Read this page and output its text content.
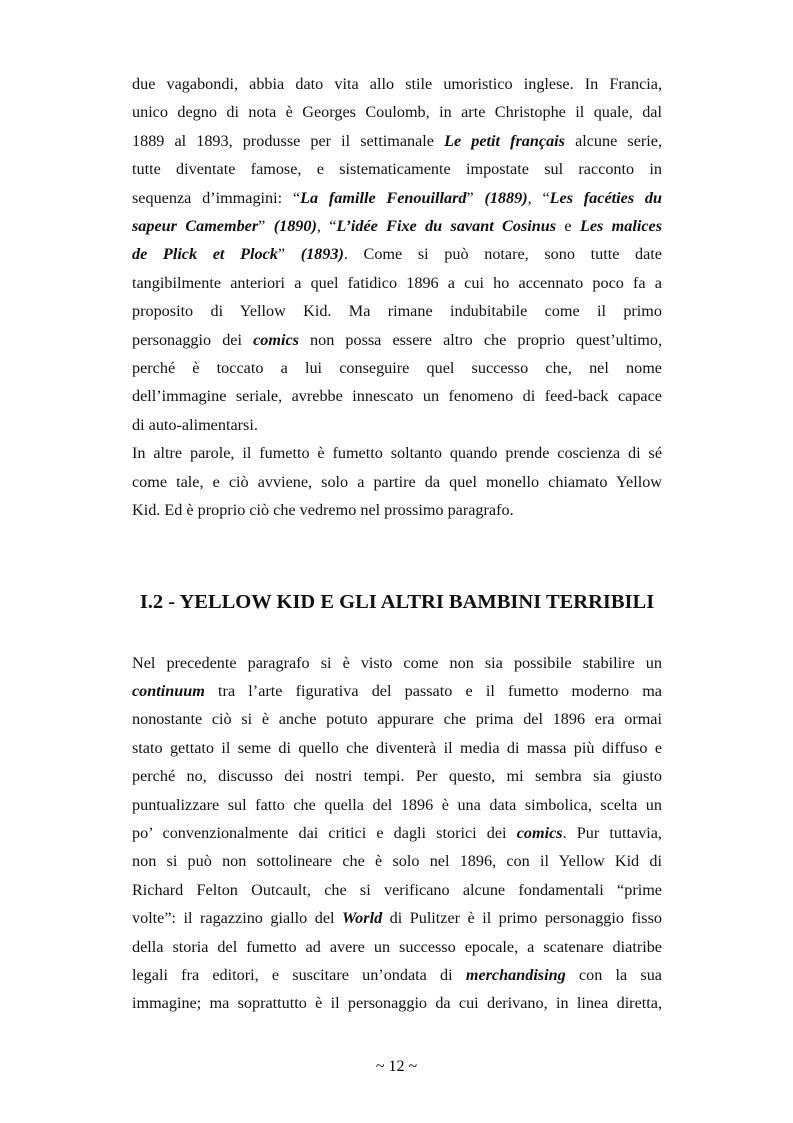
due vagabondi, abbia dato vita allo stile umoristico inglese. In Francia,
unico degno di nota è Georges Coulomb, in arte Christophe il quale, dal
1889 al 1893, produsse per il settimanale Le petit français alcune serie,
tutte diventate famose, e sistematicamente impostate sul racconto in
sequenza d’immagini: “La famille Fenouillard” (1889), “Les facéties du
sapeur Camember” (1890), “L’idée Fixe du savant Cosinus e Les malices
de Plick et Plock” (1893). Come si può notare, sono tutte date
tangibilmente anteriori a quel fatidico 1896 a cui ho accennato poco fa a
proposito di Yellow Kid. Ma rimane indubitabile come il primo
personaggio dei comics non possa essere altro che proprio quest’ultimo,
perché è toccato a lui conseguire quel successo che, nel nome
dell’immagine seriale, avrebbe innescato un fenomeno di feed-back capace
di auto-alimentarsi.

In altre parole, il fumetto è fumetto soltanto quando prende coscienza di sé
come tale, e ciò avviene, solo a partire da quel monello chiamato Yellow
Kid. Ed è proprio ciò che vedremo nel prossimo paragrafo.

I.2 - YELLOW KID E GLI ALTRI BAMBINI TERRIBILI

Nel precedente paragrafo si è visto come non sia possibile stabilire un
continuum tra l’arte figurativa del passato e il fumetto moderno ma
nonostante ciò si è anche potuto appurare che prima del 1896 era ormai
stato gettato il seme di quello che diventerà il media di massa più diffuso e
perché no, discusso dei nostri tempi. Per questo, mi sembra sia giusto
puntualizzare sul fatto che quella del 1896 è una data simbolica, scelta un
po’ convenzionalmente dai critici e dagli storici dei comics. Pur tuttavia,
non si può non sottolineare che è solo nel 1896, con il Yellow Kid di
Richard Felton Outcault, che si verificano alcune fondamentali “prime
volte”: il ragazzino giallo del World di Pulitzer è il primo personaggio fisso
della storia del fumetto ad avere un successo epocale, a scatenare diatribe
legali fra editori, e suscitare un’ondata di merchandising con la sua
immagine; ma soprattutto è il personaggio da cui derivano, in linea diretta,

~ 12 ~
